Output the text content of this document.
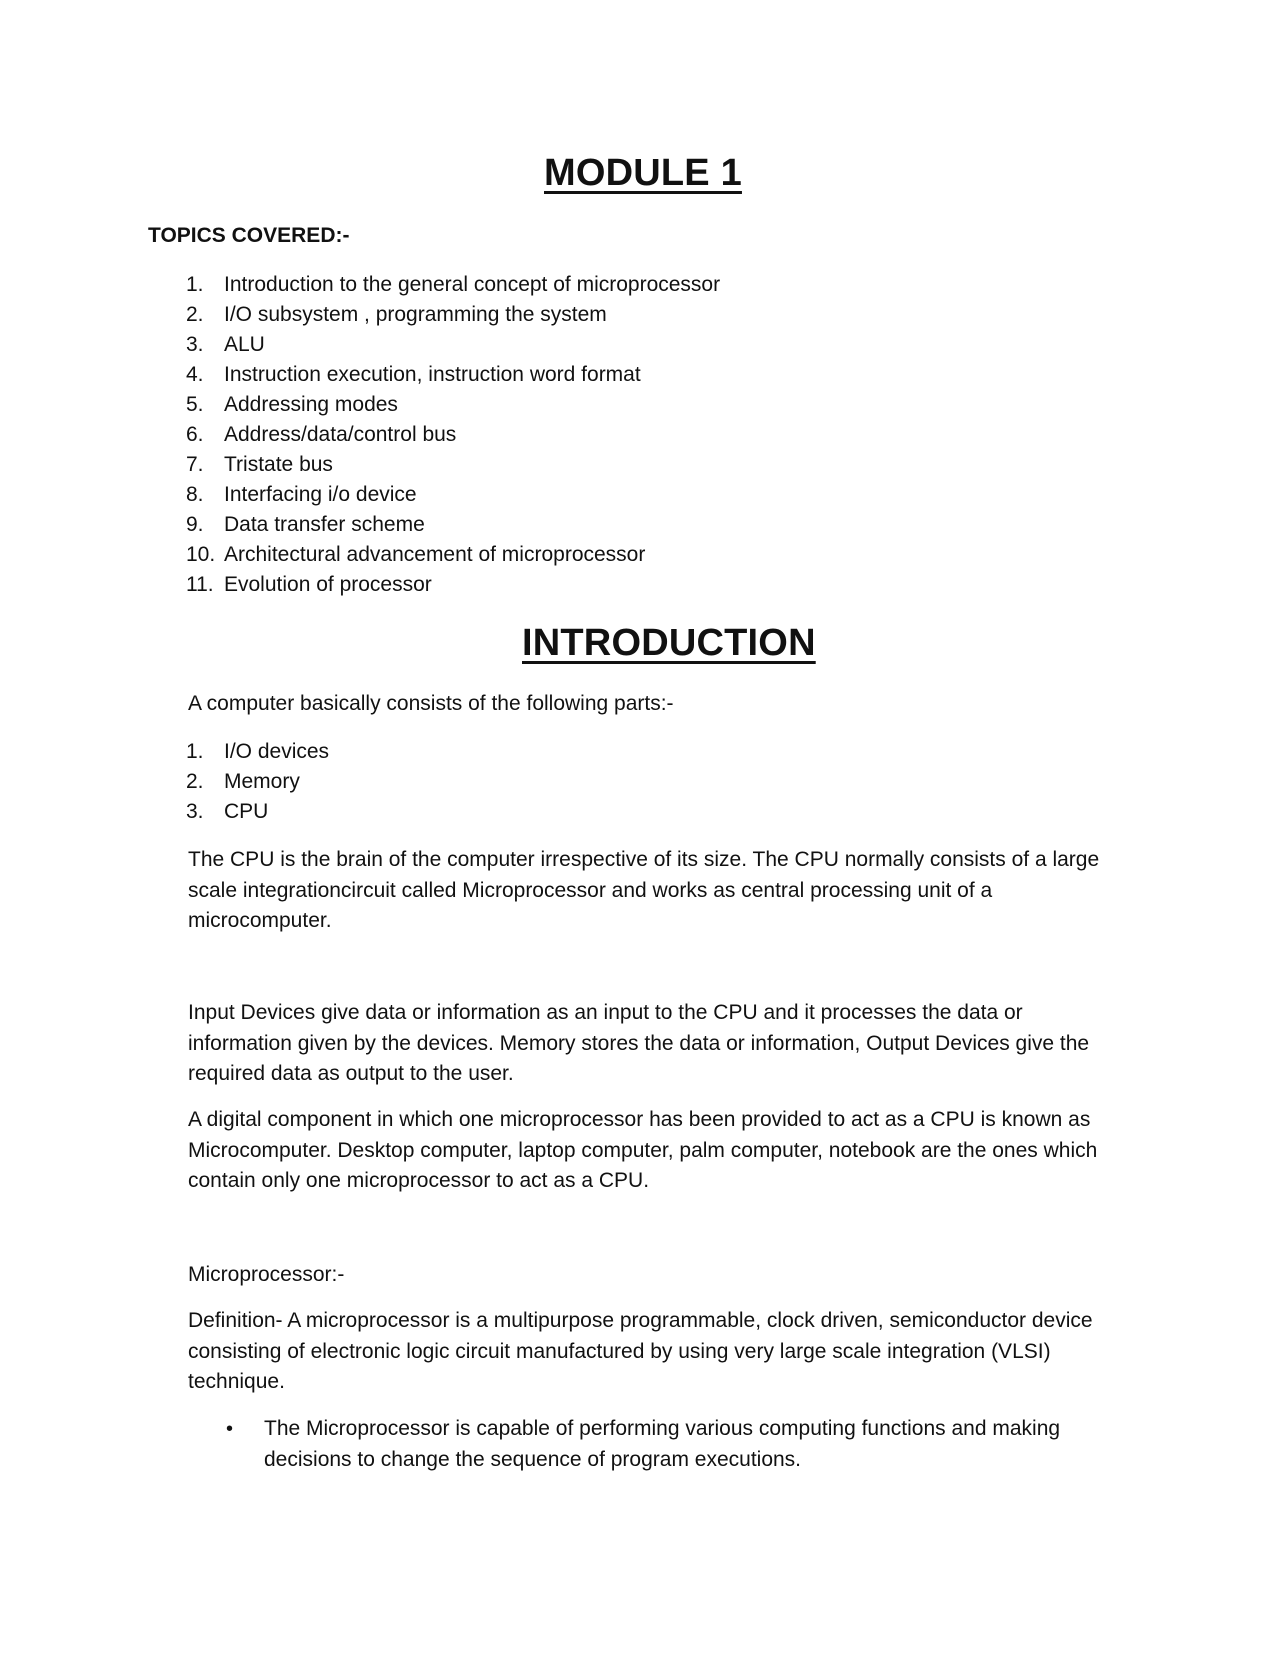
MODULE 1
TOPICS COVERED:-
1. Introduction to the general concept of microprocessor
2. I/O subsystem , programming the system
3. ALU
4. Instruction execution, instruction word format
5. Addressing modes
6. Address/data/control bus
7. Tristate bus
8. Interfacing i/o device
9. Data transfer scheme
10. Architectural advancement of microprocessor
11. Evolution of processor
INTRODUCTION

A computer basically consists of the following parts:-

1. I/O devices
2. Memory
3. CPU

The CPU is the brain of the computer irrespective of its size. The CPU normally consists of a large scale integrationcircuit called Microprocessor and works as central processing unit of a microcomputer.

Input Devices give data or information as an input to the CPU and it processes the data or information given by the devices. Memory stores the data or information, Output Devices give the required data as output to the user.

A digital component in which one microprocessor has been provided to act as a CPU is known as Microcomputer. Desktop computer, laptop computer, palm computer, notebook are the ones which contain only one microprocessor to act as a CPU.

Microprocessor:-

Definition- A microprocessor is a multipurpose programmable, clock driven, semiconductor device consisting of electronic logic circuit manufactured by using very large scale integration (VLSI) technique.

• The Microprocessor is capable of performing various computing functions and making decisions to change the sequence of program executions.
